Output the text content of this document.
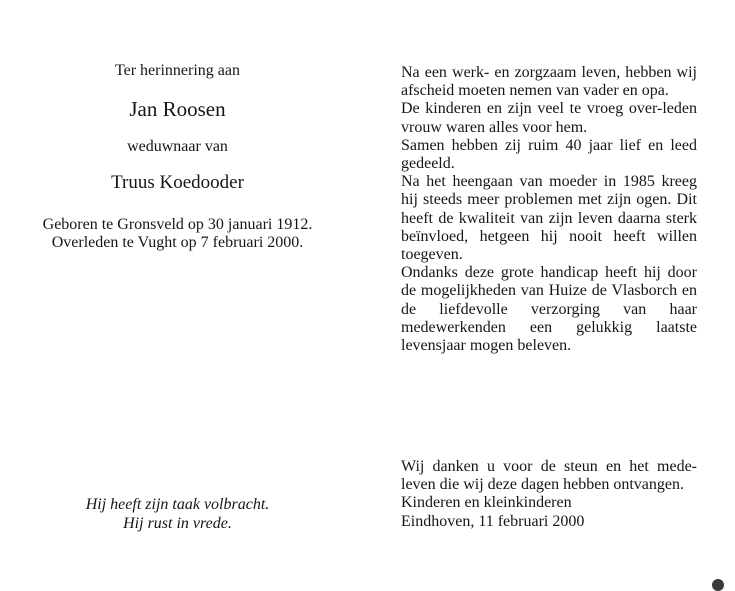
Ter herinnering aan
Jan Roosen
weduwnaar van
Truus Koedooder
Geboren te Gronsveld op 30 januari 1912.
Overleden te Vught op 7 februari 2000.
Hij heeft zijn taak volbracht.
Hij rust in vrede.

Na een werk- en zorgzaam leven, hebben wij afscheid moeten nemen van vader en opa.

De kinderen en zijn veel te vroeg over-leden vrouw waren alles voor hem.

Samen hebben zij ruim 40 jaar lief en leed gedeeld.

Na het heengaan van moeder in 1985 kreeg hij steeds meer problemen met zijn ogen. Dit heeft de kwaliteit van zijn leven daarna sterk beïnvloed, hetgeen hij nooit heeft willen toegeven.

Ondanks deze grote handicap heeft hij door de mogelijkheden van Huize de Vlasborch en de liefdevolle verzorging van haar medewerkenden een gelukkig laatste levensjaar mogen beleven.

Wij danken u voor de steun en het mede-leven die wij deze dagen hebben ontvangen.

Kinderen en kleinkinderen

Eindhoven, 11 februari 2000
